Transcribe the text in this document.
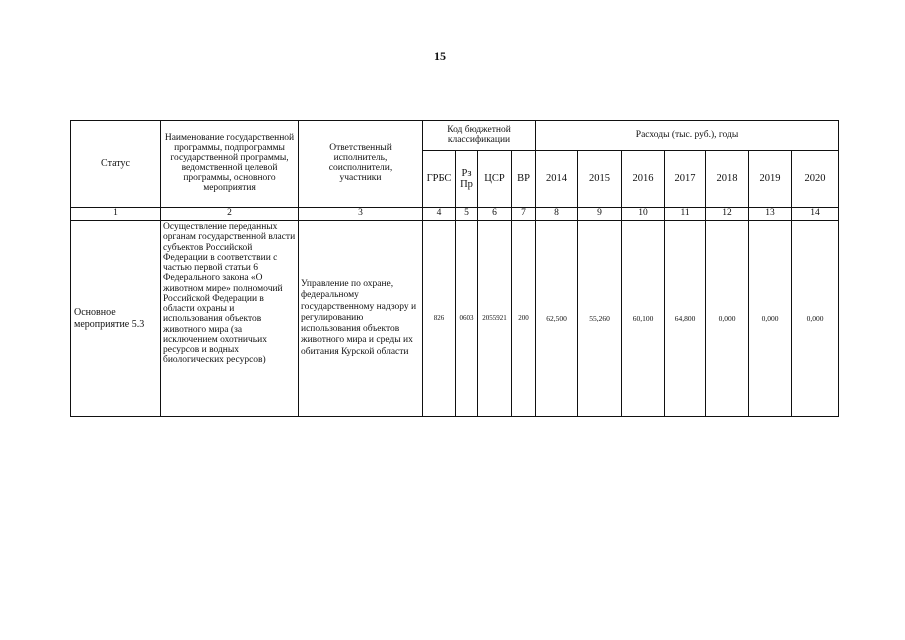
15
Статус	Наименование государственной программы, подпрограммы государственной программы, ведомственной целевой программы, основного мероприятия	Ответственный исполнитель, соисполнители, участники	Код бюджетной классификации				Расходы (тыс. руб.), годы						
			ГРБС	Рз Пр	ЦСР	ВР	2014	2015	2016	2017	2018	2019	2020
1	2	3	4	5	6	7	8	9	10	11	12	13	14
Основное мероприятие 5.3	Осуществление переданных органам государственной власти субъектов Российской Федерации в соответствии с частью первой статьи 6 Федерального закона «О животном мире» полномочий Российской Федерации в области охраны и использования объектов животного мира (за исключением охотничьих ресурсов и водных биологических ресурсов)	Управление по охране, федеральному государственному надзору и регулированию использования объектов животного мира и среды их обитания Курской области	826	0603	2055921	200	62,500	55,260	60,100	64,800	0,000	0,000	0,000
